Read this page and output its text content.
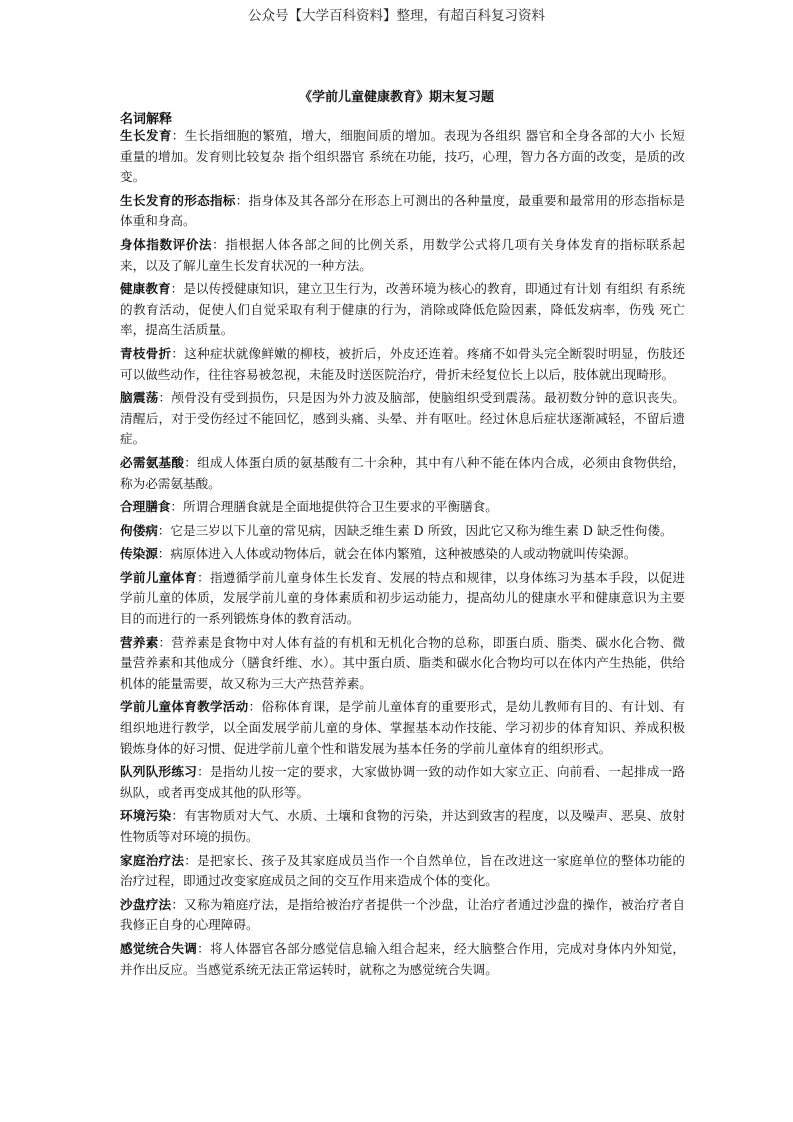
公众号【大学百科资料】整理，有超百科复习资料
《学前儿童健康教育》期末复习题
名词解释

生长发育：生长指细胞的繁殖，增大，细胞间质的增加。表现为各组织 器官和全身各部的大小 长短 重量的增加。发育则比较复杂 指个组织器官 系统在功能，技巧，心理，智力各方面的改变，是质的改变。

生长发育的形态指标：指身体及其各部分在形态上可测出的各种量度，最重要和最常用的形态指标是体重和身高。

身体指数评价法：指根据人体各部之间的比例关系，用数学公式将几项有关身体发育的指标联系起来，以及了解儿童生长发育状况的一种方法。

健康教育：是以传授健康知识，建立卫生行为，改善环境为核心的教育，即通过有计划 有组织 有系统的教育活动，促使人们自觉采取有利于健康的行为，消除或降低危险因素，降低发病率，伤残 死亡率，提高生活质量。

青枝骨折：这种症状就像鲜嫩的柳枝，被折后，外皮还连着。疼痛不如骨头完全断裂时明显，伤肢还可以做些动作，往往容易被忽视，未能及时送医院治疗，骨折未经复位长上以后，肢体就出现畸形。

脑震荡：颅骨没有受到损伤，只是因为外力波及脑部，使脑组织受到震荡。最初数分钟的意识丧失。清醒后，对于受伤经过不能回忆，感到头痛、头晕、并有呕吐。经过休息后症状逐渐减轻，不留后遗症。

必需氨基酸：组成人体蛋白质的氨基酸有二十余种，其中有八种不能在体内合成，必须由食物供给，称为必需氨基酸。

合理膳食：所谓合理膳食就是全面地提供符合卫生要求的平衡膳食。

佝偻病：它是三岁以下儿童的常见病，因缺乏维生素 D 所致，因此它又称为维生素 D 缺乏性佝偻。

传染源：病原体进入人体或动物体后，就会在体内繁殖，这种被感染的人或动物就叫传染源。

学前儿童体育：指遵循学前儿童身体生长发育、发展的特点和规律，以身体练习为基本手段，以促进学前儿童的体质，发展学前儿童的身体素质和初步运动能力，提高幼儿的健康水平和健康意识为主要目的而进行的一系列锻炼身体的教育活动。

营养素：营养素是食物中对人体有益的有机和无机化合物的总称，即蛋白质、脂类、碳水化合物、微量营养素和其他成分（膳食纤维、水）。其中蛋白质、脂类和碳水化合物均可以在体内产生热能，供给机体的能量需要，故又称为三大产热营养素。

学前儿童体育教学活动：俗称体育课，是学前儿童体育的重要形式，是幼儿教师有目的、有计划、有组织地进行教学，以全面发展学前儿童的身体、掌握基本动作技能、学习初步的体育知识、养成积极锻炼身体的好习惯、促进学前儿童个性和谐发展为基本任务的学前儿童体育的组织形式。

队列队形练习：是指幼儿按一定的要求，大家做协调一致的动作如大家立正、向前看、一起排成一路纵队，或者再变成其他的队形等。

环境污染：有害物质对大气、水质、土壤和食物的污染，并达到致害的程度，以及噪声、恶臭、放射性物质等对环境的损伤。

家庭治疗法：是把家长、孩子及其家庭成员当作一个自然单位，旨在改进这一家庭单位的整体功能的治疗过程，即通过改变家庭成员之间的交互作用来造成个体的变化。

沙盘疗法：又称为箱庭疗法，是指给被治疗者提供一个沙盘，让治疗者通过沙盘的操作，被治疗者自我修正自身的心理障碍。

感觉统合失调：将人体器官各部分感觉信息输入组合起来，经大脑整合作用，完成对身体内外知觉，并作出反应。当感觉系统无法正常运转时，就称之为感觉统合失调。
